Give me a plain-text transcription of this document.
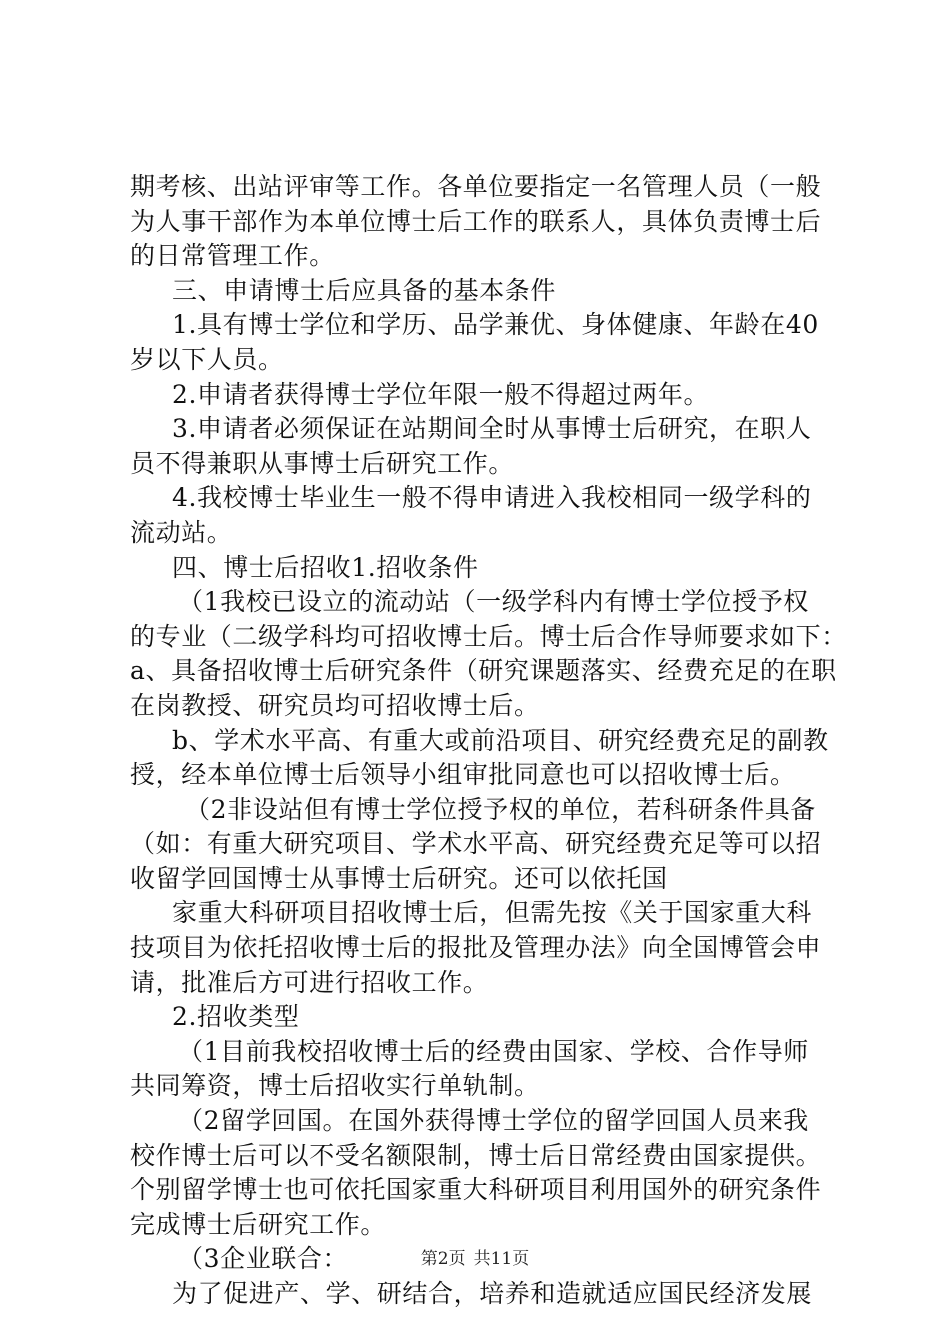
期考核、出站评审等工作。各单位要指定一名管理人员（一般
为人事干部作为本单位博士后工作的联系人，具体负责博士后
的日常管理工作。
三、申请博士后应具备的基本条件
1.具有博士学位和学历、品学兼优、身体健康、年龄在40
岁以下人员。
2.申请者获得博士学位年限一般不得超过两年。
3.申请者必须保证在站期间全时从事博士后研究，在职人
员不得兼职从事博士后研究工作。
4.我校博士毕业生一般不得申请进入我校相同一级学科的
流动站。
四、博士后招收1.招收条件
（1我校已设立的流动站（一级学科内有博士学位授予权
的专业（二级学科均可招收博士后。博士后合作导师要求如下：
a、具备招收博士后研究条件（研究课题落实、经费充足的在职
在岗教授、研究员均可招收博士后。
b、学术水平高、有重大或前沿项目、研究经费充足的副教
授，经本单位博士后领导小组审批同意也可以招收博士后。
（2非设站但有博士学位授予权的单位，若科研条件具备
（如：有重大研究项目、学术水平高、研究经费充足等可以招
收留学回国博士从事博士后研究。还可以依托国
家重大科研项目招收博士后，但需先按《关于国家重大科
技项目为依托招收博士后的报批及管理办法》向全国博管会申
请，批准后方可进行招收工作。
2.招收类型
（1目前我校招收博士后的经费由国家、学校、合作导师
共同筹资，博士后招收实行单轨制。
（2留学回国。在国外获得博士学位的留学回国人员来我
校作博士后可以不受名额限制，博士后日常经费由国家提供。
个别留学博士也可依托国家重大科研项目利用国外的研究条件
完成博士后研究工作。
（3企业联合：
为了促进产、学、研结合，培养和造就适应国民经济发展
第2页 共11页
